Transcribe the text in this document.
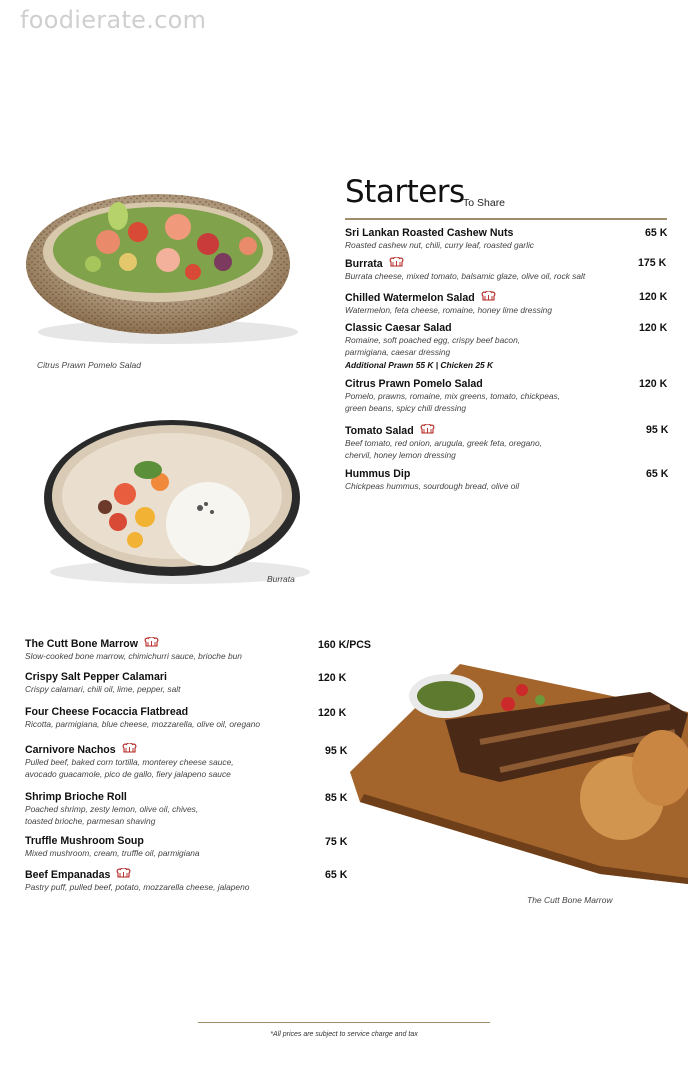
foodierate.com
Citrus Prawn Pomelo Salad
Burrata
The Cutt Bone Marrow
Starters
To Share
Sri Lankan Roasted Cashew Nuts
Roasted cashew nut, chili, curry leaf, roasted garlic
65 K
Burrata
Burrata cheese, mixed tomato, balsamic glaze, olive oil, rock salt
175 K
Chilled Watermelon Salad
Watermelon, feta cheese, romaine, honey lime dressing
120 K
Classic Caesar Salad
Romaine, soft poached egg, crispy beef bacon,
parmigiana, caesar dressing
Additional Prawn 55 K | Chicken 25 K
120 K
Citrus Prawn Pomelo Salad
Pomelo, prawns, romaine, mix greens, tomato, chickpeas,
green beans, spicy chili dressing
120 K
Tomato Salad
Beef tomato, red onion, arugula, greek feta, oregano,
chervil, honey lemon dressing
95 K
Hummus Dip
Chickpeas hummus, sourdough bread, olive oil
65 K
The Cutt Bone Marrow
Slow-cooked bone marrow, chimichurri sauce, brioche bun
160 K/PCS
Crispy Salt Pepper Calamari
Crispy calamari, chili oil, lime, pepper, salt
120 K
Four Cheese Focaccia Flatbread
Ricotta, parmigiana, blue cheese, mozzarella, olive oil, oregano
120 K
Carnivore Nachos
Pulled beef, baked corn tortilla, monterey cheese sauce,
avocado guacamole, pico de gallo, fiery jalapeno sauce
95 K
Shrimp Brioche Roll
Poached shrimp, zesty lemon, olive oil, chives,
toasted brioche, parmesan shaving
85 K
Truffle Mushroom Soup
Mixed mushroom, cream, truffle oil, parmigiana
75 K
Beef Empanadas
Pastry puff, pulled beef, potato, mozzarella cheese, jalapeno
65 K
*All prices are subject to service charge and tax
